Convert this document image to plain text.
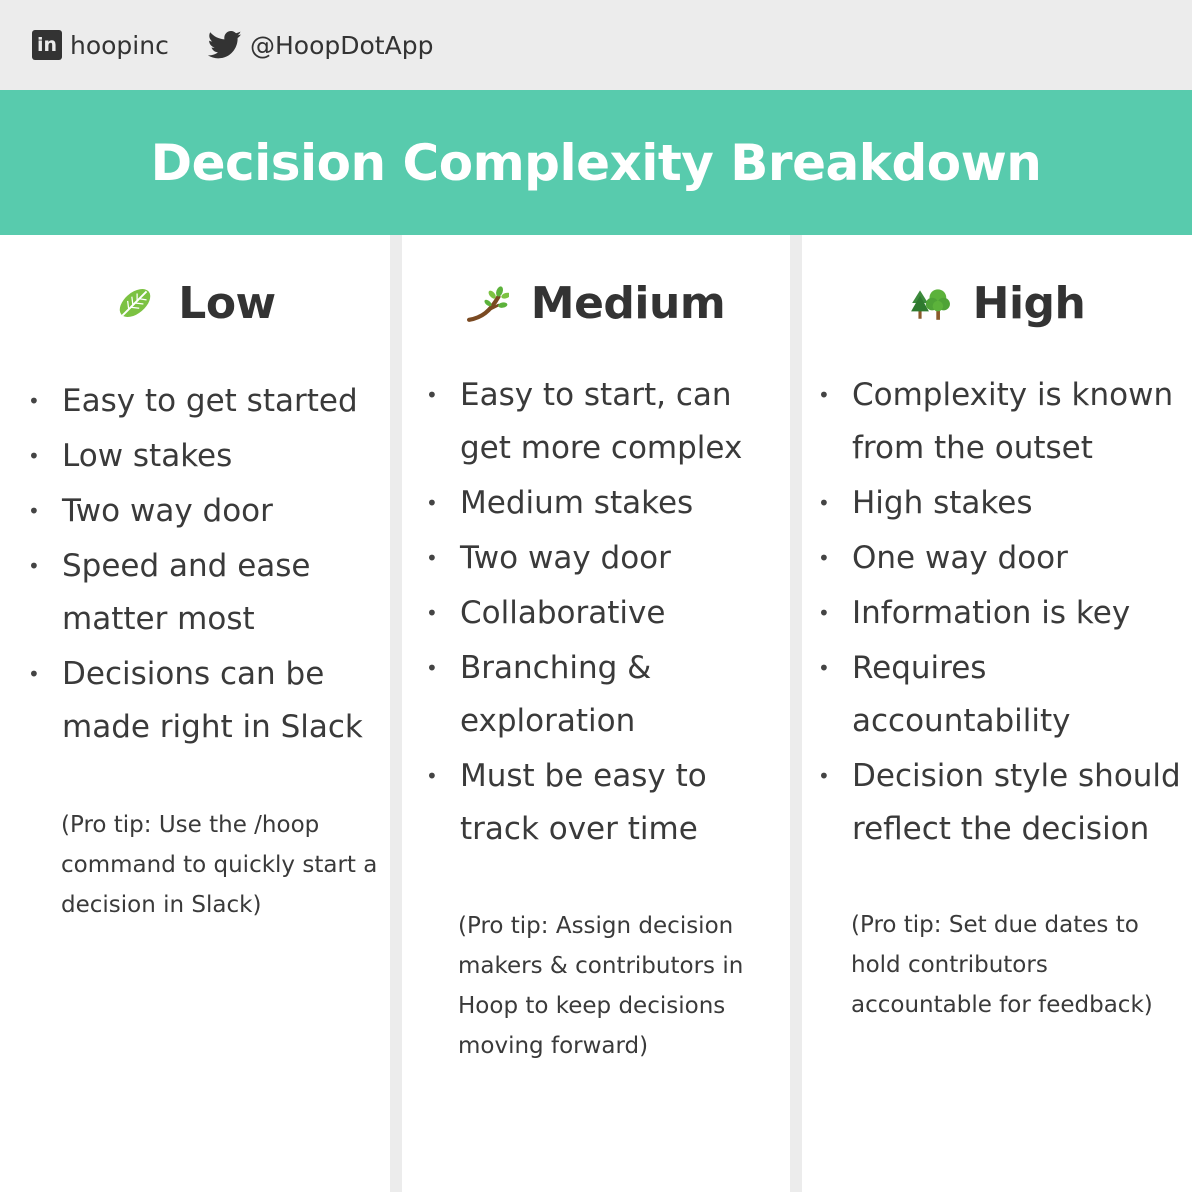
in hoopinc	@HoopDotApp
Decision Complexity Breakdown
Low
• Easy to get started
• Low stakes
• Two way door
• Speed and ease matter most
• Decisions can be made right in Slack

(Pro tip: Use the /hoop command to quickly start a decision in Slack)

Medium
• Easy to start, can get more complex
• Medium stakes
• Two way door
• Collaborative
• Branching & exploration
• Must be easy to track over time

(Pro tip: Assign decision makers & contributors in Hoop to keep decisions moving forward)

High
• Complexity is known from the outset
• High stakes
• One way door
• Information is key
• Requires accountability
• Decision style should reflect the decision

(Pro tip: Set due dates to hold contributors accountable for feedback)
